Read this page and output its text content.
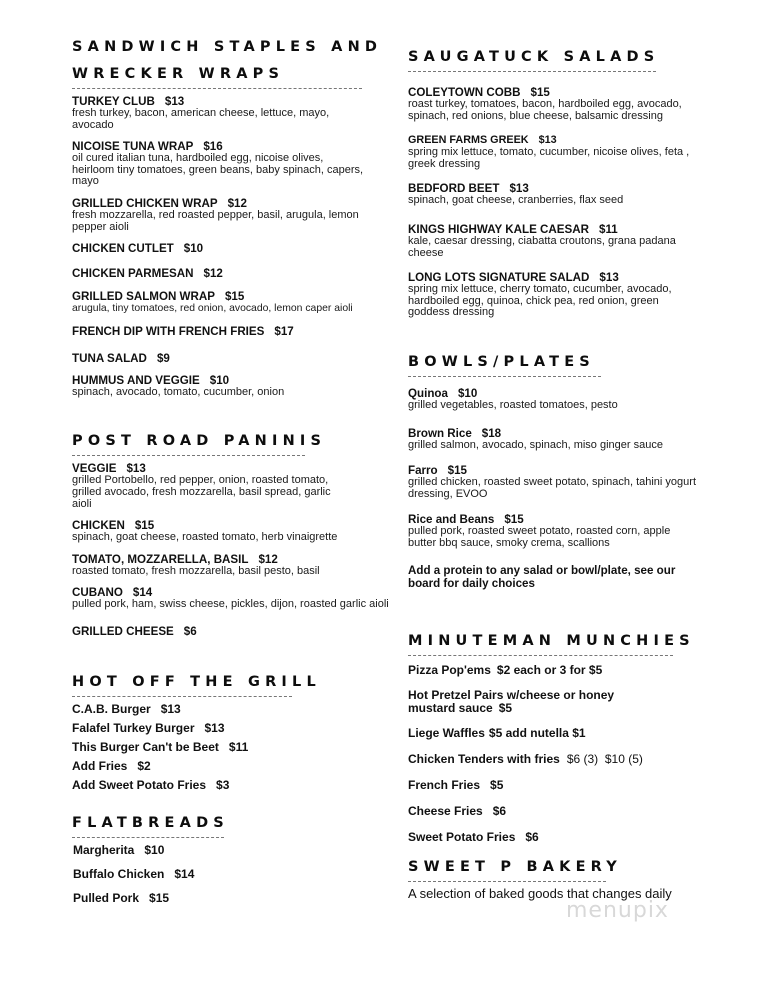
SANDWICH STAPLES AND
WRECKER WRAPS
TURKEY CLUB $13
fresh turkey, bacon, american cheese, lettuce, mayo, avocado
NICOISE TUNA WRAP $16
oil cured italian tuna, hardboiled egg, nicoise olives, heirloom tiny tomatoes, green beans, baby spinach, capers, mayo
GRILLED CHICKEN WRAP $12
fresh mozzarella, red roasted pepper, basil, arugula, lemon pepper aioli
CHICKEN CUTLET $10
CHICKEN PARMESAN $12
GRILLED SALMON WRAP $15
arugula, tiny tomatoes, red onion, avocado, lemon caper aioli
FRENCH DIP WITH FRENCH FRIES $17
TUNA SALAD $9
HUMMUS AND VEGGIE $10
spinach, avocado, tomato, cucumber, onion
POST ROAD PANINIS
VEGGIE $13
grilled Portobello, red pepper, onion, roasted tomato, grilled avocado, fresh mozzarella, basil spread, garlic aioli
CHICKEN $15
spinach, goat cheese, roasted tomato, herb vinaigrette
TOMATO, MOZZARELLA, BASIL $12
roasted tomato, fresh mozzarella, basil pesto, basil
CUBANO $14
pulled pork, ham, swiss cheese, pickles, dijon, roasted garlic aioli
GRILLED CHEESE $6
HOT OFF THE GRILL
C.A.B. Burger $13
Falafel Turkey Burger $13
This Burger Can't be Beet $11
Add Fries $2
Add Sweet Potato Fries $3
FLATBREADS
Margherita $10
Buffalo Chicken $14
Pulled Pork $15
SAUGATUCK SALADS
COLEYTOWN COBB $15
roast turkey, tomatoes, bacon, hardboiled egg, avocado, spinach, red onions, blue cheese, balsamic dressing
GREEN FARMS GREEK $13
spring mix lettuce, tomato, cucumber, nicoise olives, feta , greek dressing
BEDFORD BEET $13
spinach, goat cheese, cranberries, flax seed
KINGS HIGHWAY KALE CAESAR $11
kale, caesar dressing, ciabatta croutons, grana padana cheese
LONG LOTS SIGNATURE SALAD $13
spring mix lettuce, cherry tomato, cucumber, avocado, hardboiled egg, quinoa, chick pea, red onion, green goddess dressing
BOWLS/PLATES
Quinoa $10
grilled vegetables, roasted tomatoes, pesto
Brown Rice $18
grilled salmon, avocado, spinach, miso ginger sauce
Farro $15
grilled chicken, roasted sweet potato, spinach, tahini yogurt dressing, EVOO
Rice and Beans $15
pulled pork, roasted sweet potato, roasted corn, apple butter bbq sauce, smoky crema, scallions
Add a protein to any salad or bowl/plate, see our board for daily choices
MINUTEMAN MUNCHIES
Pizza Pop'ems $2 each or 3 for $5
Hot Pretzel Pairs w/cheese or honey mustard sauce $5
Liege Waffles $5 add nutella $1
Chicken Tenders with fries $6 (3)  $10 (5)
French Fries $5
Cheese Fries $6
Sweet Potato Fries $6
SWEET P BAKERY
A selection of baked goods that changes daily
menupix
